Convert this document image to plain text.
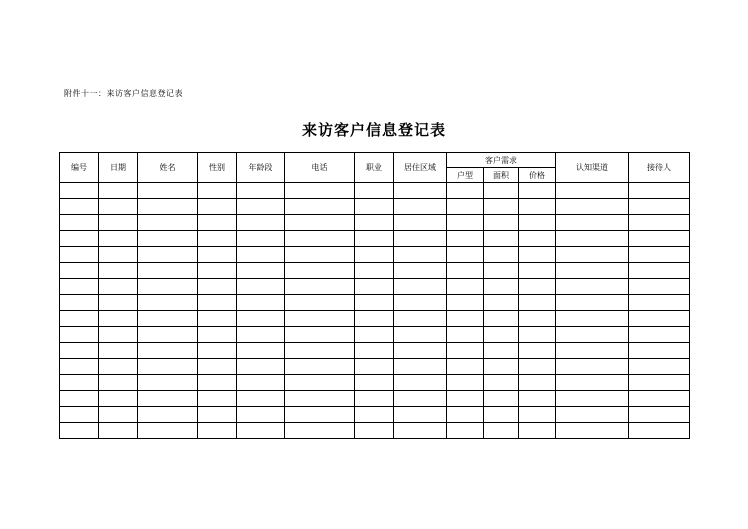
附件十一：来访客户信息登记表
来访客户信息登记表
编号	日期	姓名	性别	年龄段	电话	职业	居住区域	客户需求			认知渠道	接待人
								户型	面积	价格		
